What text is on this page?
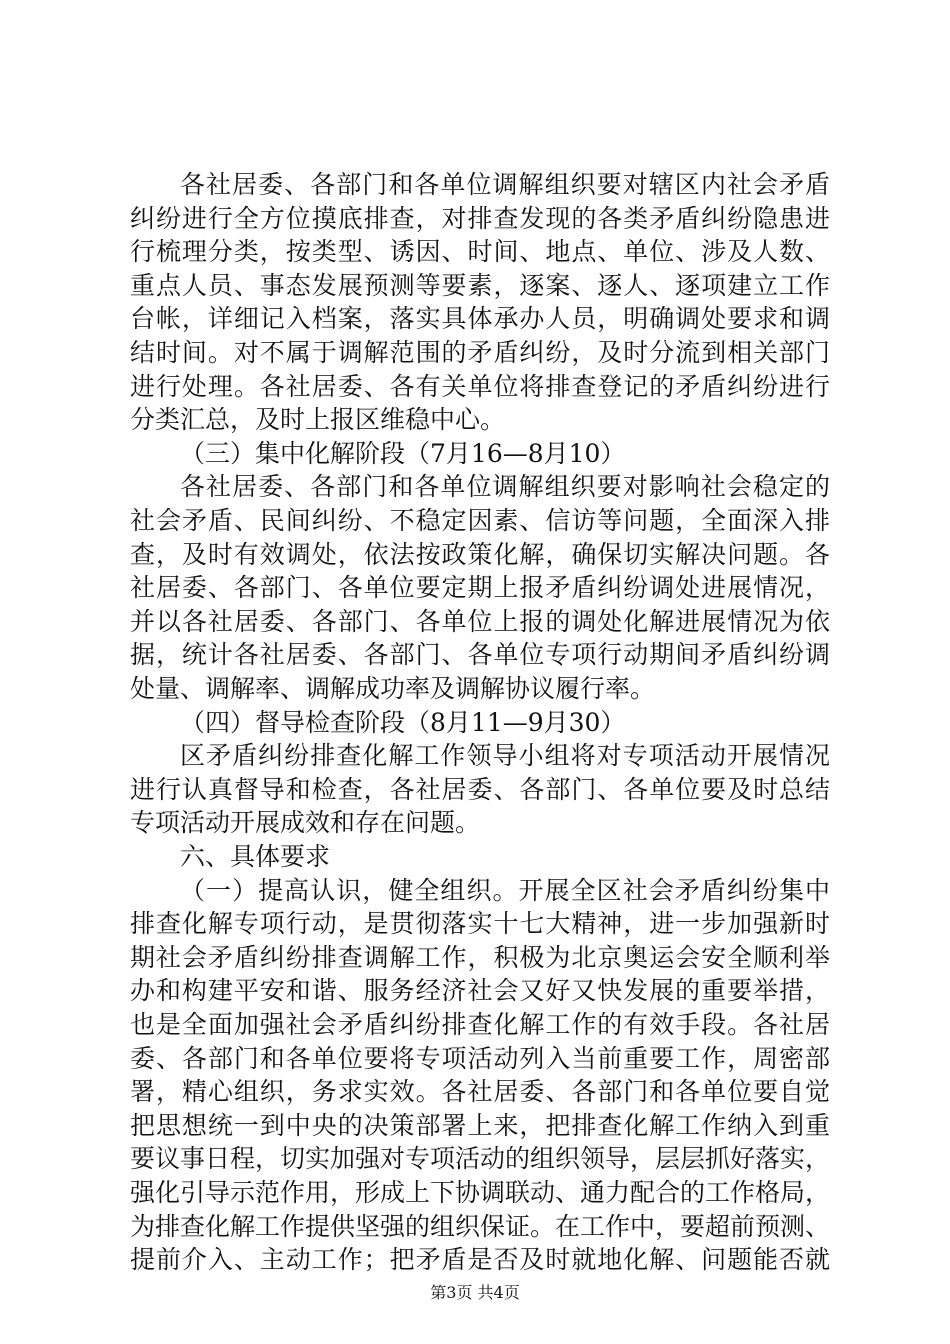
各社居委、各部门和各单位调解组织要对辖区内社会矛盾
纠纷进行全方位摸底排查，对排查发现的各类矛盾纠纷隐患进
行梳理分类，按类型、诱因、时间、地点、单位、涉及人数、
重点人员、事态发展预测等要素，逐案、逐人、逐项建立工作
台帐，详细记入档案，落实具体承办人员，明确调处要求和调
结时间。对不属于调解范围的矛盾纠纷，及时分流到相关部门
进行处理。各社居委、各有关单位将排查登记的矛盾纠纷进行
分类汇总，及时上报区维稳中心。
（三）集中化解阶段（7月16—8月10）
各社居委、各部门和各单位调解组织要对影响社会稳定的
社会矛盾、民间纠纷、不稳定因素、信访等问题，全面深入排
查，及时有效调处，依法按政策化解，确保切实解决问题。各
社居委、各部门、各单位要定期上报矛盾纠纷调处进展情况，
并以各社居委、各部门、各单位上报的调处化解进展情况为依
据，统计各社居委、各部门、各单位专项行动期间矛盾纠纷调
处量、调解率、调解成功率及调解协议履行率。
（四）督导检查阶段（8月11—9月30）
区矛盾纠纷排查化解工作领导小组将对专项活动开展情况
进行认真督导和检查，各社居委、各部门、各单位要及时总结
专项活动开展成效和存在问题。
六、具体要求
（一）提高认识，健全组织。开展全区社会矛盾纠纷集中
排查化解专项行动，是贯彻落实十七大精神，进一步加强新时
期社会矛盾纠纷排查调解工作，积极为北京奥运会安全顺利举
办和构建平安和谐、服务经济社会又好又快发展的重要举措，
也是全面加强社会矛盾纠纷排查化解工作的有效手段。各社居
委、各部门和各单位要将专项活动列入当前重要工作，周密部
署，精心组织，务求实效。各社居委、各部门和各单位要自觉
把思想统一到中央的决策部署上来，把排查化解工作纳入到重
要议事日程，切实加强对专项活动的组织领导，层层抓好落实，
强化引导示范作用，形成上下协调联动、通力配合的工作格局，
为排查化解工作提供坚强的组织保证。在工作中，要超前预测、
提前介入、主动工作；把矛盾是否及时就地化解、问题能否就
第3页 共4页
